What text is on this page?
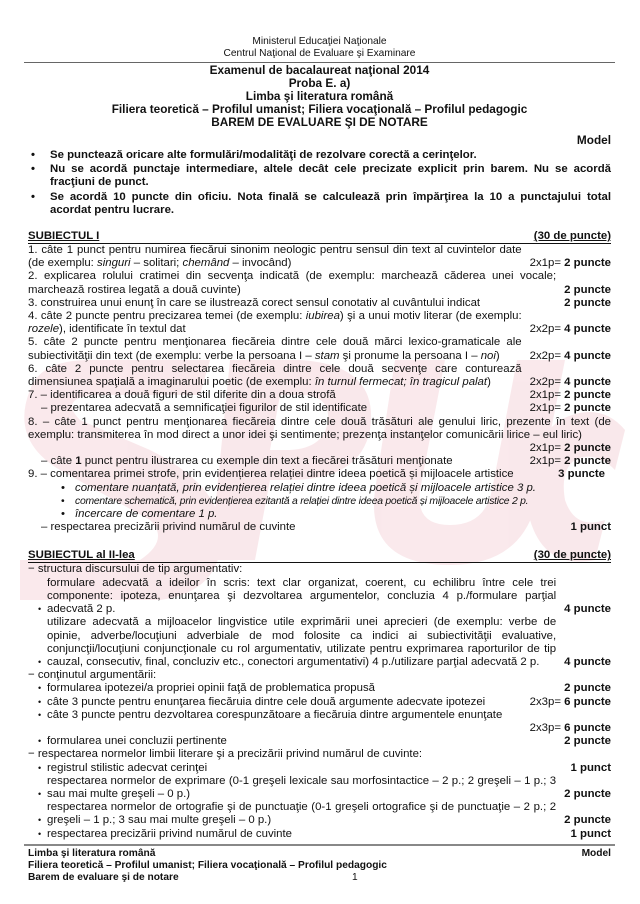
Ministerul Educaţiei Naţionale
Centrul Naţional de Evaluare şi Examinare
Examenul de bacalaureat naţional 2014
Proba E. a)
Limba şi literatura română
Filiera teoretică – Profilul umanist; Filiera vocaţională – Profilul pedagogic
BAREM DE EVALUARE ŞI DE NOTARE
Model
• Se punctează oricare alte formulări/modalităţi de rezolvare corectă a cerinţelor.
• Nu se acordă punctaje intermediare, altele decât cele precizate explicit prin barem. Nu se acordă fracţiuni de punct.
• Se acordă 10 puncte din oficiu. Nota finală se calculează prin împărţirea la 10 a punctajului total acordat pentru lucrare.
SUBIECTUL I	(30 de puncte)
1. câte 1 punct pentru numirea fiecărui sinonim neologic pentru sensul din text al cuvintelor date (de exemplu: singuri – solitari; chemând – invocând)	2x1p= 2 puncte
2. explicarea rolului cratimei din secvenţa indicată (de exemplu: marchează căderea unei vocale; marchează rostirea legată a două cuvinte)	2 puncte
3. construirea unui enunţ în care se ilustrează corect sensul conotativ al cuvântului indicat	2 puncte
4. câte 2 puncte pentru precizarea temei (de exemplu: iubirea) şi a unui motiv literar (de exemplu: rozele), identificate în textul dat	2x2p= 4 puncte
5. câte 2 puncte pentru menţionarea fiecăreia dintre cele două mărci lexico-gramaticale ale subiectivităţii din text (de exemplu: verbe la persoana I – stam şi pronume la persoana I – noi)	2x2p= 4 puncte
6. câte 2 puncte pentru selectarea fiecăreia dintre cele două secvenţe care conturează dimensiunea spaţială a imaginarului poetic (de exemplu: în turnul fermecat; în tragicul palat)	2x2p= 4 puncte
7. – identificarea a două figuri de stil diferite din a doua strofă	2x1p= 2 puncte
– prezentarea adecvată a semnificaţiei figurilor de stil identificate	2x1p= 2 puncte
8. – câte 1 punct pentru menţionarea fiecăreia dintre cele două trăsături ale genului liric, prezente în text (de exemplu: transmiterea în mod direct a unor idei şi sentimente; prezenţa instanţelor comunicării lirice – eul liric)
2x1p= 2 puncte
– câte 1 punct pentru ilustrarea cu exemple din text a fiecărei trăsături menţionate	2x1p= 2 puncte
9. – comentarea primei strofe, prin evidențierea relației dintre ideea poetică și mijloacele artistice	3 puncte
• comentare nuanțată, prin evidențierea relației dintre ideea poetică și mijloacele artistice 3 p.
• comentare schematică, prin evidențierea ezitantă a relației dintre ideea poetică și mijloacele artistice 2 p.
• încercare de comentare 1 p.
– respectarea precizării privind numărul de cuvinte	1 punct
SUBIECTUL al II-lea	(30 de puncte)
− structura discursului de tip argumentativ:
• formulare adecvată a ideilor în scris: text clar organizat, coerent, cu echilibru între cele trei componente: ipoteza, enunţarea şi dezvoltarea argumentelor, concluzia 4 p./formulare parţial adecvată 2 p.	4 puncte
• utilizare adecvată a mijloacelor lingvistice utile exprimării unei aprecieri (de exemplu: verbe de opinie, adverbe/locuţiuni adverbiale de mod folosite ca indici ai subiectivităţii evaluative, conjuncţii/locuţiuni conjuncţionale cu rol argumentativ, utilizate pentru exprimarea raporturilor de tip cauzal, consecutiv, final, concluziv etc., conectori argumentativi) 4 p./utilizare parţial adecvată 2 p.	4 puncte
− conţinutul argumentării:
• formularea ipotezei/a propriei opinii faţă de problematica propusă	2 puncte
• câte 3 puncte pentru enunţarea fiecăruia dintre cele două argumente adecvate ipotezei	2x3p= 6 puncte
• câte 3 puncte pentru dezvoltarea corespunzătoare a fiecăruia dintre argumentele enunţate
2x3p= 6 puncte
• formularea unei concluzii pertinente	2 puncte
− respectarea normelor limbii literare şi a precizării privind numărul de cuvinte:
• registrul stilistic adecvat cerinţei	1 punct
• respectarea normelor de exprimare (0-1 greşeli lexicale sau morfosintactice – 2 p.; 2 greşeli – 1 p.; 3 sau mai multe greşeli – 0 p.)	2 puncte
• respectarea normelor de ortografie şi de punctuaţie (0-1 greşeli ortografice şi de punctuaţie – 2 p.; 2 greşeli – 1 p.; 3 sau mai multe greşeli – 0 p.)	2 puncte
• respectarea precizării privind numărul de cuvinte	1 punct
Limba şi literatura română
Filiera teoretică – Profilul umanist; Filiera vocaţională – Profilul pedagogic
Barem de evaluare şi de notare	1
Model
